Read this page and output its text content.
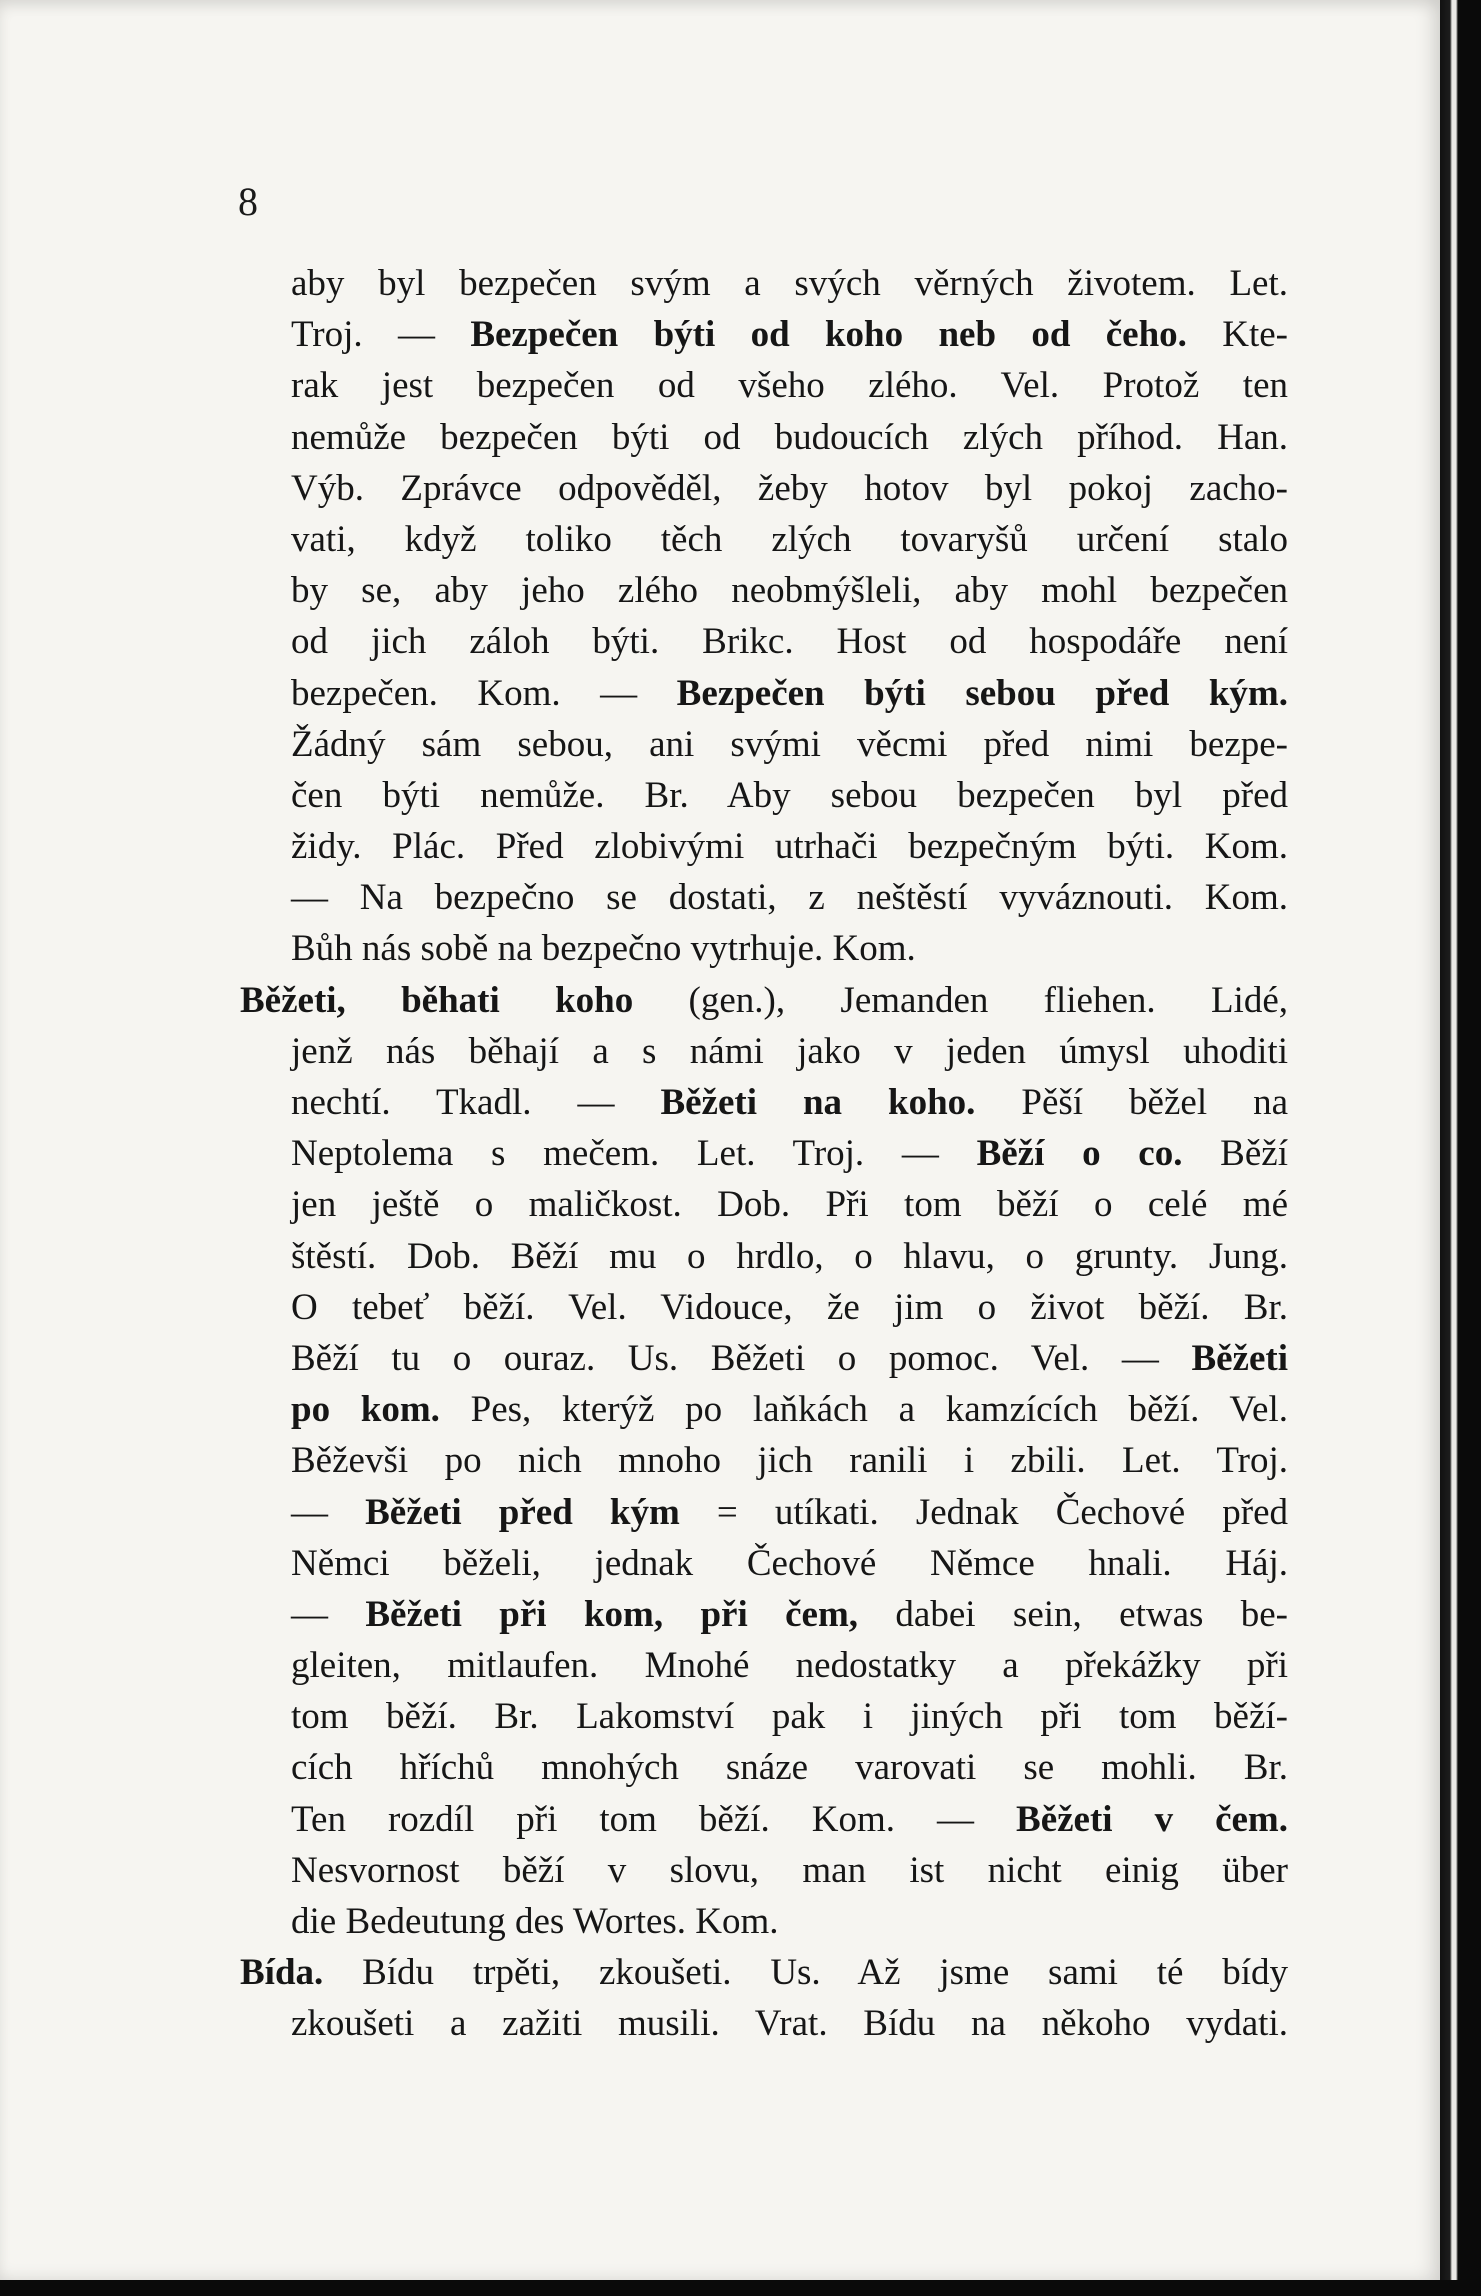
8
aby byl bezpečen svým a svých věrných životem. Let.
Troj. — Bezpečen býti od koho neb od čeho. Kte-
rak jest bezpečen od všeho zlého. Vel. Protož ten
nemůže bezpečen býti od budoucích zlých příhod. Han.
Výb. Zprávce odpověděl, žeby hotov byl pokoj zacho-
vati, když toliko těch zlých tovaryšů určení stalo
by se, aby jeho zlého neobmýšleli, aby mohl bezpečen
od jich záloh býti. Brikc. Host od hospodáře není
bezpečen. Kom. — Bezpečen býti sebou před kým.
Žádný sám sebou, ani svými věcmi před nimi bezpe-
čen býti nemůže. Br. Aby sebou bezpečen byl před
židy. Plác. Před zlobivými utrhači bezpečným býti. Kom.
— Na bezpečno se dostati, z neštěstí vyváznouti. Kom.
Bůh nás sobě na bezpečno vytrhuje. Kom.
Běžeti, běhati koho (gen.), Jemanden fliehen. Lidé,
jenž nás běhají a s námi jako v jeden úmysl uhoditi
nechtí. Tkadl. — Běžeti na koho. Pěší běžel na
Neptolema s mečem. Let. Troj. — Běží o co. Běží
jen ještě o maličkost. Dob. Při tom běží o celé mé
štěstí. Dob. Běží mu o hrdlo, o hlavu, o grunty. Jung.
O tebeť běží. Vel. Vidouce, že jim o život běží. Br.
Běží tu o ouraz. Us. Běžeti o pomoc. Vel. — Běžeti
po kom. Pes, kterýž po laňkách a kamzících běží. Vel.
Běževši po nich mnoho jich ranili i zbili. Let. Troj.
— Běžeti před kým = utíkati. Jednak Čechové před
Němci běželi, jednak Čechové Němce hnali. Háj.
— Běžeti při kom, při čem, dabei sein, etwas be-
gleiten, mitlaufen. Mnohé nedostatky a překážky při
tom běží. Br. Lakomství pak i jiných při tom běží-
cích hříchů mnohých snáze varovati se mohli. Br.
Ten rozdíl při tom běží. Kom. — Běžeti v čem.
Nesvornost běží v slovu, man ist nicht einig über
die Bedeutung des Wortes. Kom.
Bída. Bídu trpěti, zkoušeti. Us. Až jsme sami té bídy
zkoušeti a zažiti musili. Vrat. Bídu na někoho vydati.
